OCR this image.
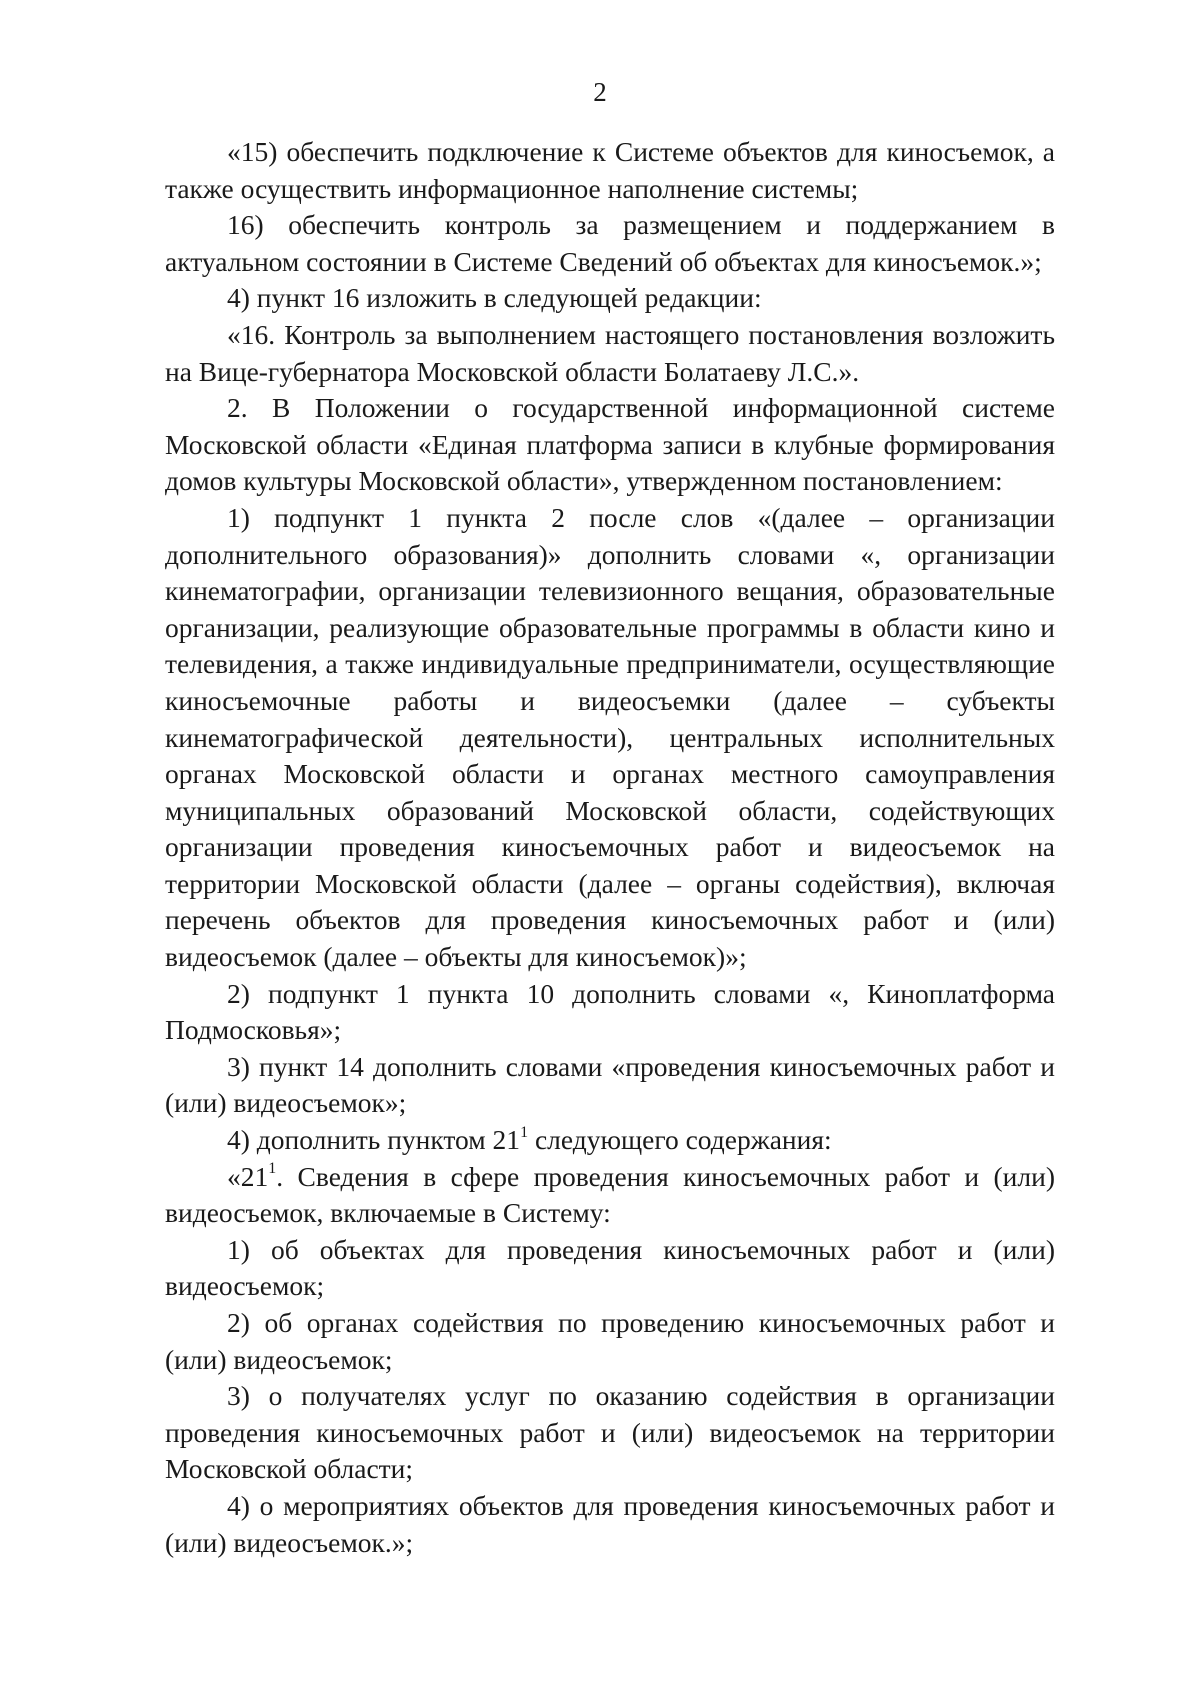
2

«15) обеспечить подключение к Системе объектов для киносъемок, а также осуществить информационное наполнение системы;

16) обеспечить контроль за размещением и поддержанием в актуальном состоянии в Системе Сведений об объектах для киносъемок.»;

4) пункт 16 изложить в следующей редакции:

«16. Контроль за выполнением настоящего постановления возложить на Вице-губернатора Московской области Болатаеву Л.С.».

2. В Положении о государственной информационной системе Московской области «Единая платформа записи в клубные формирования домов культуры Московской области», утвержденном постановлением:

1) подпункт 1 пункта 2 после слов «(далее – организации дополнительного образования)» дополнить словами «, организации кинематографии, организации телевизионного вещания, образовательные организации, реализующие образовательные программы в области кино и телевидения, а также индивидуальные предприниматели, осуществляющие киносъемочные работы и видеосъемки (далее – субъекты кинематографической деятельности), центральных исполнительных органах Московской области и органах местного самоуправления муниципальных образований Московской области, содействующих организации проведения киносъемочных работ и видеосъемок на территории Московской области (далее – органы содействия), включая перечень объектов для проведения киносъемочных работ и (или) видеосъемок (далее – объекты для киносъемок)»;

2) подпункт 1 пункта 10 дополнить словами «, Киноплатформа Подмосковья»;

3) пункт 14 дополнить словами «проведения киносъемочных работ и (или) видеосъемок»;

4) дополнить пунктом $21^1$ следующего содержания:

«$21^1$. Сведения в сфере проведения киносъемочных работ и (или) видеосъемок, включаемые в Систему:

1) об объектах для проведения киносъемочных работ и (или) видеосъемок;

2) об органах содействия по проведению киносъемочных работ и (или) видеосъемок;

3) о получателях услуг по оказанию содействия в организации проведения киносъемочных работ и (или) видеосъемок на территории Московской области;

4) о мероприятиях объектов для проведения киносъемочных работ и (или) видеосъемок.»;
